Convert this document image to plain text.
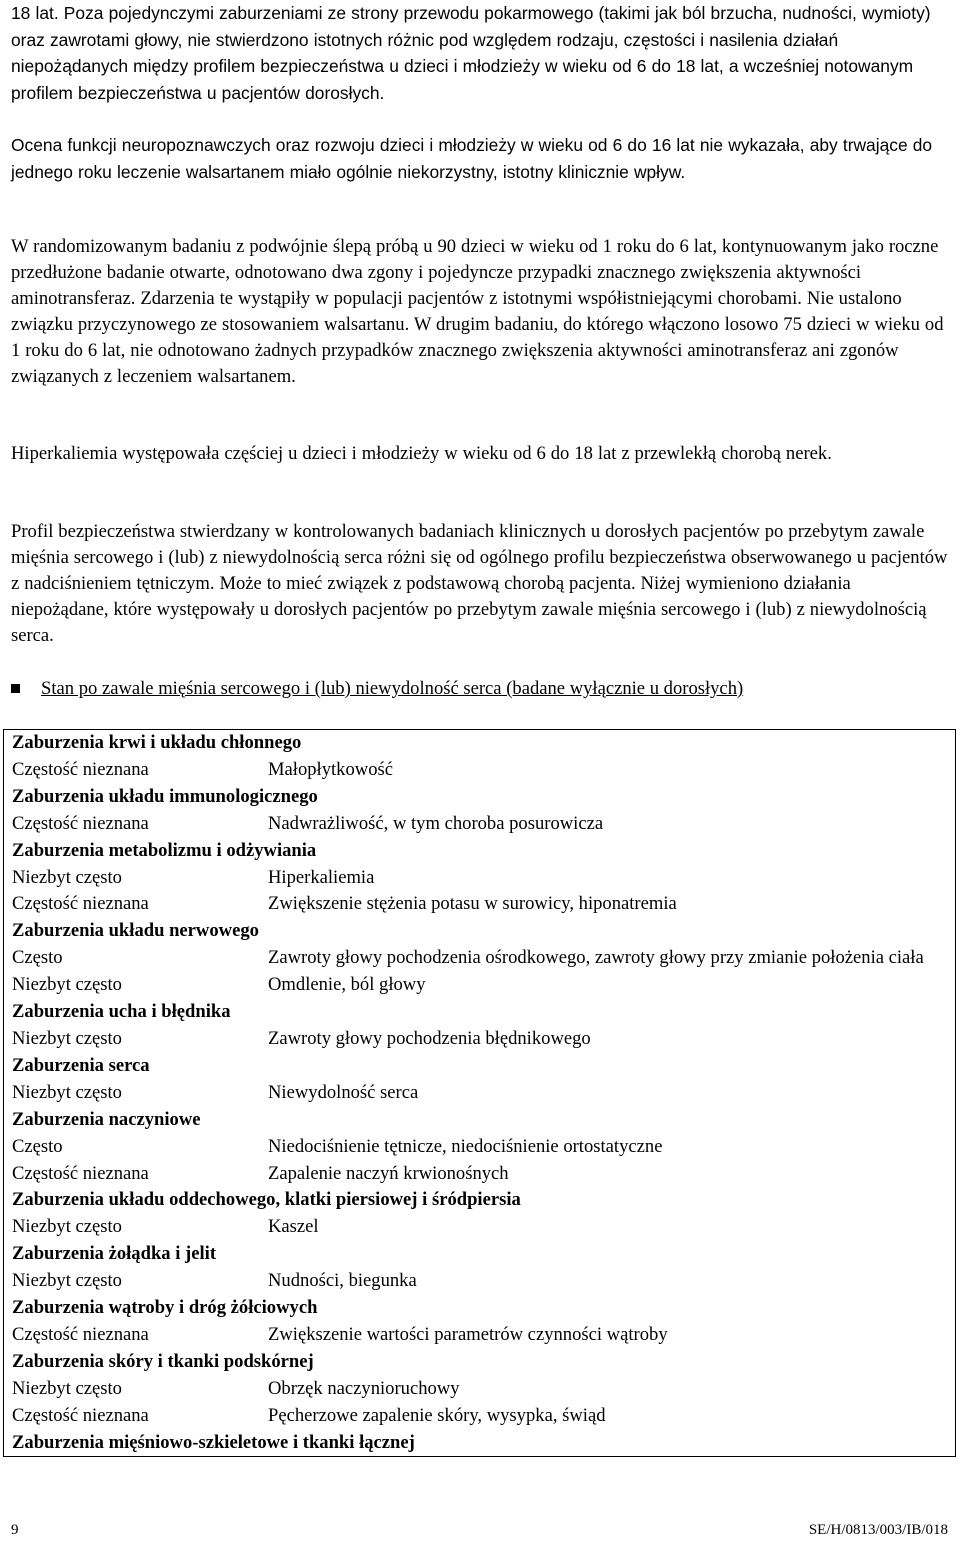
18 lat. Poza pojedynczymi zaburzeniami ze strony przewodu pokarmowego (takimi jak ból brzucha, nudności, wymioty) oraz zawrotami głowy, nie stwierdzono istotnych różnic pod względem rodzaju, częstości i nasilenia działań niepożądanych między profilem bezpieczeństwa u dzieci i młodzieży w wieku od 6 do 18 lat, a wcześniej notowanym profilem bezpieczeństwa u pacjentów dorosłych.

Ocena funkcji neuropoznawczych oraz rozwoju dzieci i młodzieży w wieku od 6 do 16 lat nie wykazała, aby trwające do jednego roku leczenie walsartanem miało ogólnie niekorzystny, istotny klinicznie wpływ.

W randomizowanym badaniu z podwójnie ślepą próbą u 90 dzieci w wieku od 1 roku do 6 lat, kontynuowanym jako roczne przedłużone badanie otwarte, odnotowano dwa zgony i pojedyncze przypadki znacznego zwiększenia aktywności aminotransferaz. Zdarzenia te wystąpiły w populacji pacjentów z istotnymi współistniejącymi chorobami. Nie ustalono związku przyczynowego ze stosowaniem walsartanu. W drugim badaniu, do którego włączono losowo 75 dzieci w wieku od 1 roku do 6 lat, nie odnotowano żadnych przypadków znacznego zwiększenia aktywności aminotransferaz ani zgonów związanych z leczeniem walsartanem.

Hiperkaliemia występowała częściej u dzieci i młodzieży w wieku od 6 do 18 lat z przewlekłą chorobą nerek.

Profil bezpieczeństwa stwierdzany w kontrolowanych badaniach klinicznych u dorosłych pacjentów po przebytym zawale mięśnia sercowego i (lub) z niewydolnością serca różni się od ogólnego profilu bezpieczeństwa obserwowanego u pacjentów z nadciśnieniem tętniczym. Może to mieć związek z podstawową chorobą pacjenta. Niżej wymieniono działania niepożądane, które występowały u dorosłych pacjentów po przebytym zawale mięśnia sercowego i (lub) z niewydolnością serca.

Stan po zawale mięśnia sercowego i (lub) niewydolność serca (badane wyłącznie u dorosłych)
Zaburzenia krwi i układu chłonnego	
Częstość nieznana	Małopłytkowość
Zaburzenia układu immunologicznego	
Częstość nieznana	Nadwrażliwość, w tym choroba posurowicza
Zaburzenia metabolizmu i odżywiania	
Niezbyt często	Hiperkaliemia
Częstość nieznana	Zwiększenie stężenia potasu w surowicy, hiponatremia
Zaburzenia układu nerwowego	
Często	Zawroty głowy pochodzenia ośrodkowego, zawroty głowy przy zmianie położenia ciała
Niezbyt często	Omdlenie, ból głowy
Zaburzenia ucha i błędnika	
Niezbyt często	Zawroty głowy pochodzenia błędnikowego
Zaburzenia serca	
Niezbyt często	Niewydolność serca
Zaburzenia naczyniowe	
Często	Niedociśnienie tętnicze, niedociśnienie ortostatyczne
Częstość nieznana	Zapalenie naczyń krwionośnych
Zaburzenia układu oddechowego, klatki piersiowej i śródpiersia	
Niezbyt często	Kaszel
Zaburzenia żołądka i jelit	
Niezbyt często	Nudności, biegunka
Zaburzenia wątroby i dróg żółciowych	
Częstość nieznana	Zwiększenie wartości parametrów czynności wątroby
Zaburzenia skóry i tkanki podskórnej	
Niezbyt często	Obrzęk naczynioruchowy
Częstość nieznana	Pęcherzowe zapalenie skóry, wysypka, świąd
Zaburzenia mięśniowo-szkieletowe i tkanki łącznej	
9	SE/H/0813/003/IB/018
